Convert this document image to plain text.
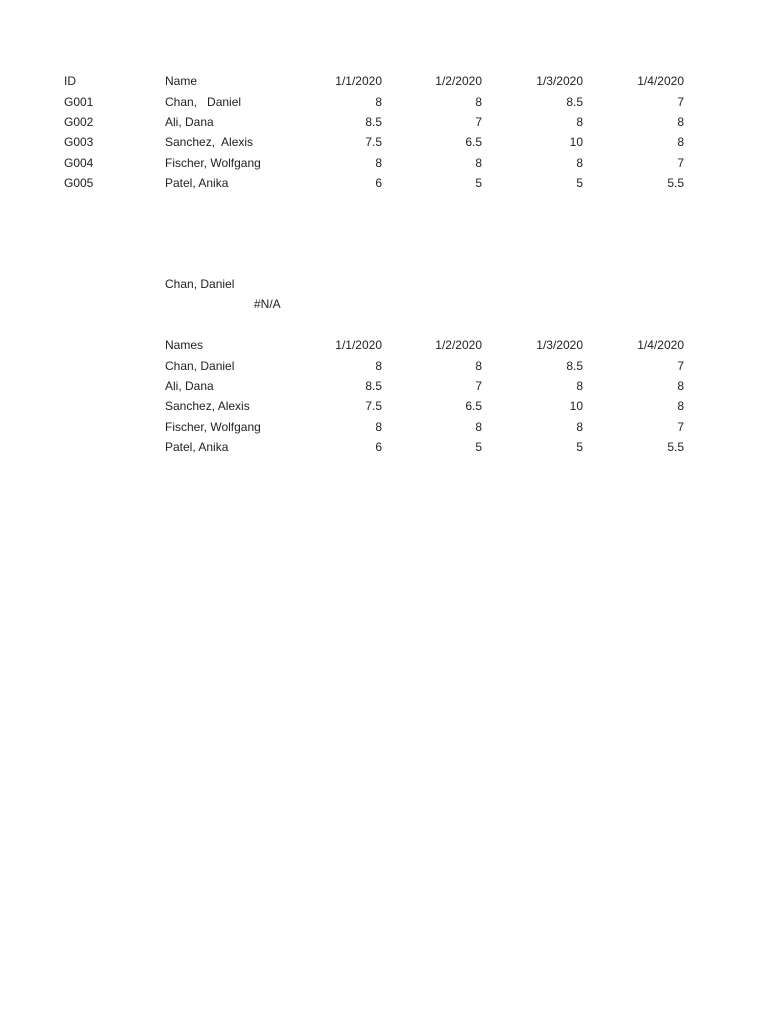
ID	Name	1/1/2020	1/2/2020	1/3/2020	1/4/2020
G001	Chan,   Daniel	8	8	8.5	7
G002	Ali, Dana	8.5	7	8	8
G003	Sanchez,  Alexis	7.5	6.5	10	8
G004	Fischer, Wolfgang	8	8	8	7
G005	Patel, Anika	6	5	5	5.5
Chan, Daniel
#N/A
Names	1/1/2020	1/2/2020	1/3/2020	1/4/2020
Chan, Daniel	8	8	8.5	7
Ali, Dana	8.5	7	8	8
Sanchez, Alexis	7.5	6.5	10	8
Fischer, Wolfgang	8	8	8	7
Patel, Anika	6	5	5	5.5
